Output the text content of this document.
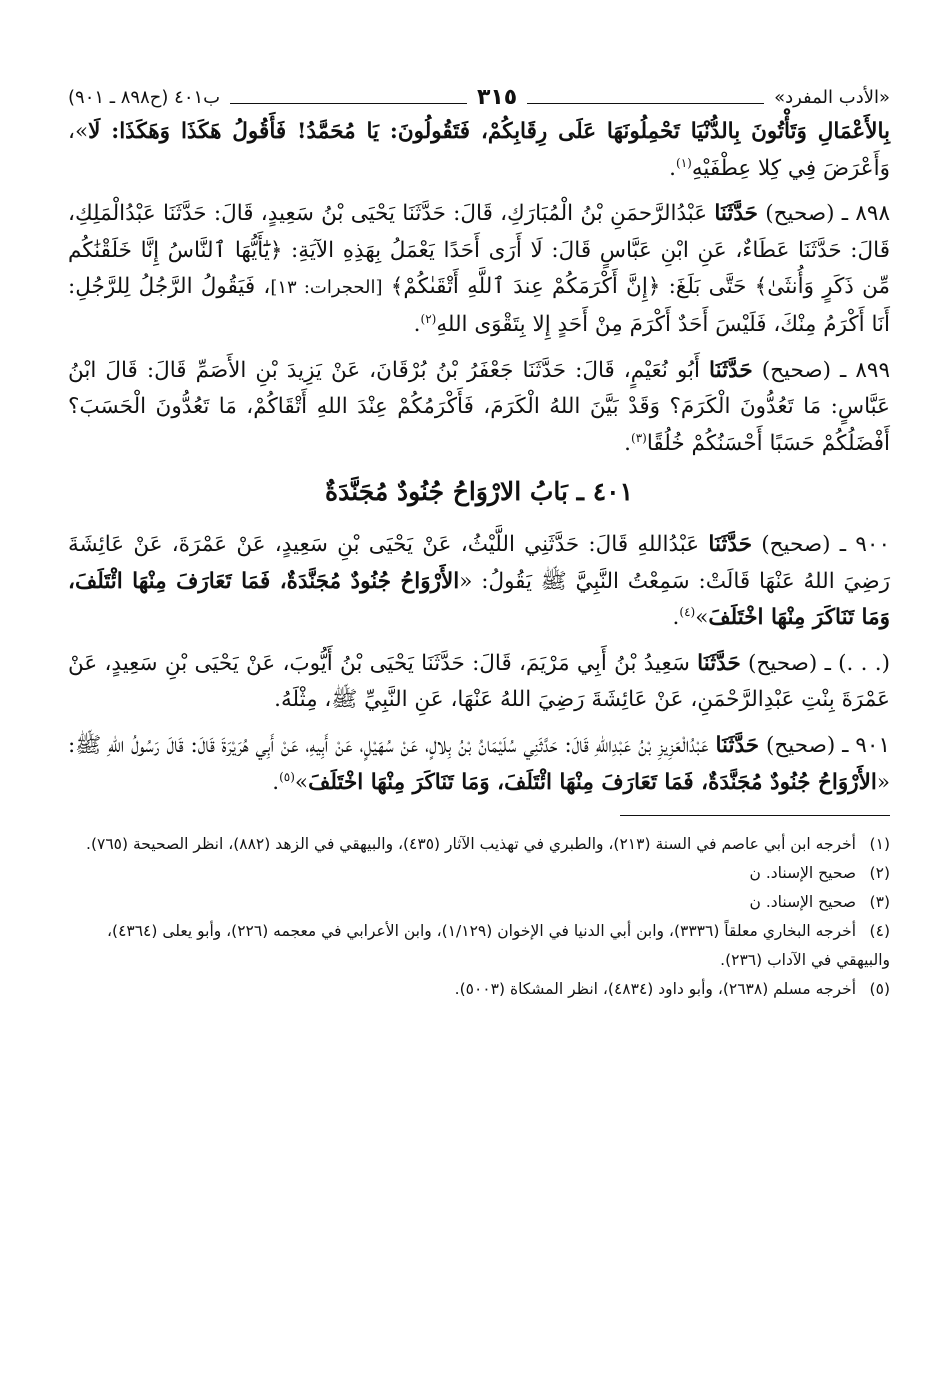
«الأدب المفرد»
٣١٥
ب٤٠١ (ح٨٩٨ ـ ٩٠١)

بِالأَعْمَالِ وَتَأْتُونَ بِالدُّنْيَا تَحْمِلُونَهَا عَلَى رِقَابِكُمْ، فَتَقُولُونَ: يَا مُحَمَّدُ! فَأَقُولُ هَكَذَا وَهَكَذَا: لَا»، وَأَعْرَضَ فِي كِلا عِطْفَيْهِ$^{(١)}$.

٨٩٨ ـ (صحيح) حَدَّثَنَا عَبْدُالرَّحمَنِ بْنُ الْمُبَارَكِ، قَالَ: حَدَّثَنَا يَحْيَى بْنُ سَعِيدٍ، قَالَ: حَدَّثَنَا عَبْدُالْمَلِكِ، قَالَ: حَدَّثَنَا عَطَاءٌ، عَنِ ابْنِ عَبَّاسٍ قَالَ: لَا أَرَى أَحَدًا يَعْمَلُ بِهَذِهِ الآيَةِ: ﴿يَٰٓأَيُّهَا ٱلنَّاسُ إِنَّا خَلَقْنَٰكُم مِّن ذَكَرٍ وَأُنثَىٰ﴾ حَتَّى بَلَغَ: ﴿إِنَّ أَكْرَمَكُمْ عِندَ ٱللَّهِ أَتْقَىٰكُمْ﴾ [الحجرات: ١٣]، فَيَقُولُ الرَّجُلُ لِلرَّجُلِ: أَنَا أَكْرَمُ مِنْكَ، فَلَيْسَ أَحَدٌ أَكْرَمَ مِنْ أَحَدٍ إِلا بِتَقْوَى اللهِ$^{(٢)}$.

٨٩٩ ـ (صحيح) حَدَّثَنَا أَبُو نُعَيْمٍ، قَالَ: حَدَّثَنَا جَعْفَرُ بْنُ بُرْقَانَ، عَنْ يَزِيدَ بْنِ الأَصَمِّ قَالَ: قَالَ ابْنُ عَبَّاسٍ: مَا تَعُدُّونَ الْكَرَمَ؟ وَقَدْ بَيَّنَ اللهُ الْكَرَمَ، فَأَكْرَمُكُمْ عِنْدَ اللهِ أَتْقَاكُمْ، مَا تَعُدُّونَ الْحَسَبَ؟ أَفْضَلُكُمْ حَسَبًا أَحْسَنُكُمْ خُلُقًا$^{(٣)}$.

٤٠١ ـ بَابُ الارْوَاحُ جُنُودٌ مُجَنَّدَةٌ

٩٠٠ ـ (صحيح) حَدَّثَنَا عَبْدُاللهِ قَالَ: حَدَّثَنِي اللَّيْثُ، عَنْ يَحْيَى بْنِ سَعِيدٍ، عَنْ عَمْرَةَ، عَنْ عَائِشَةَ رَضِيَ اللهُ عَنْهَا قَالَتْ: سَمِعْتُ النَّبِيَّ ﷺ يَقُولُ: «الأَرْوَاحُ جُنُودٌ مُجَنَّدَةٌ، فَمَا تَعَارَفَ مِنْهَا ائْتَلَفَ، وَمَا تَنَاكَرَ مِنْهَا اخْتَلَفَ»$^{(٤)}$.

(. . .) ـ (صحيح) حَدَّثَنَا سَعِيدُ بْنُ أَبِي مَرْيَمَ، قَالَ: حَدَّثَنَا يَحْيَى بْنُ أَيُّوبَ، عَنْ يَحْيَى بْنِ سَعِيدٍ، عَنْ عَمْرَةَ بِنْتِ عَبْدِالرَّحْمَنِ، عَنْ عَائِشَةَ رَضِيَ اللهُ عَنْهَا، عَنِ النَّبِيِّ ﷺ، مِثْلَهُ.

٩٠١ ـ (صحيح) حَدَّثَنَا عَبْدُالْعَزِيزِ بْنُ عَبْدِاللهِ قَالَ: حَدَّثَنِي سُلَيْمَانُ بْنُ بِلالٍ، عَنْ سُهَيْلٍ، عَنْ أَبِيهِ، عَنْ أَبِي هُرَيْرَةَ قَالَ: قَالَ رَسُولُ اللهِ ﷺ: «الأَرْوَاحُ جُنُودٌ مُجَنَّدَةٌ، فَمَا تَعَارَفَ مِنْهَا ائْتَلَفَ، وَمَا تَنَاكَرَ مِنْهَا اخْتَلَفَ»$^{(٥)}$.

(١)أخرجه ابن أبي عاصم في السنة (٢١٣)، والطبري في تهذيب الآثار (٤٣٥)، والبيهقي في الزهد (٨٨٢)، انظر الصحيحة (٧٦٥).

(٢)صحيح الإسناد. ن

(٣)صحيح الإسناد. ن

(٤)أخرجه البخاري معلقاً (٣٣٣٦)، وابن أبي الدنيا في الإخوان (١/١٢٩)، وابن الأعرابي في معجمه (٢٢٦)، وأبو يعلى (٤٣٦٤)، والبيهقي في الآداب (٢٣٦).

(٥)أخرجه مسلم (٢٦٣٨)، وأبو داود (٤٨٣٤)، انظر المشكاة (٥٠٠٣).
